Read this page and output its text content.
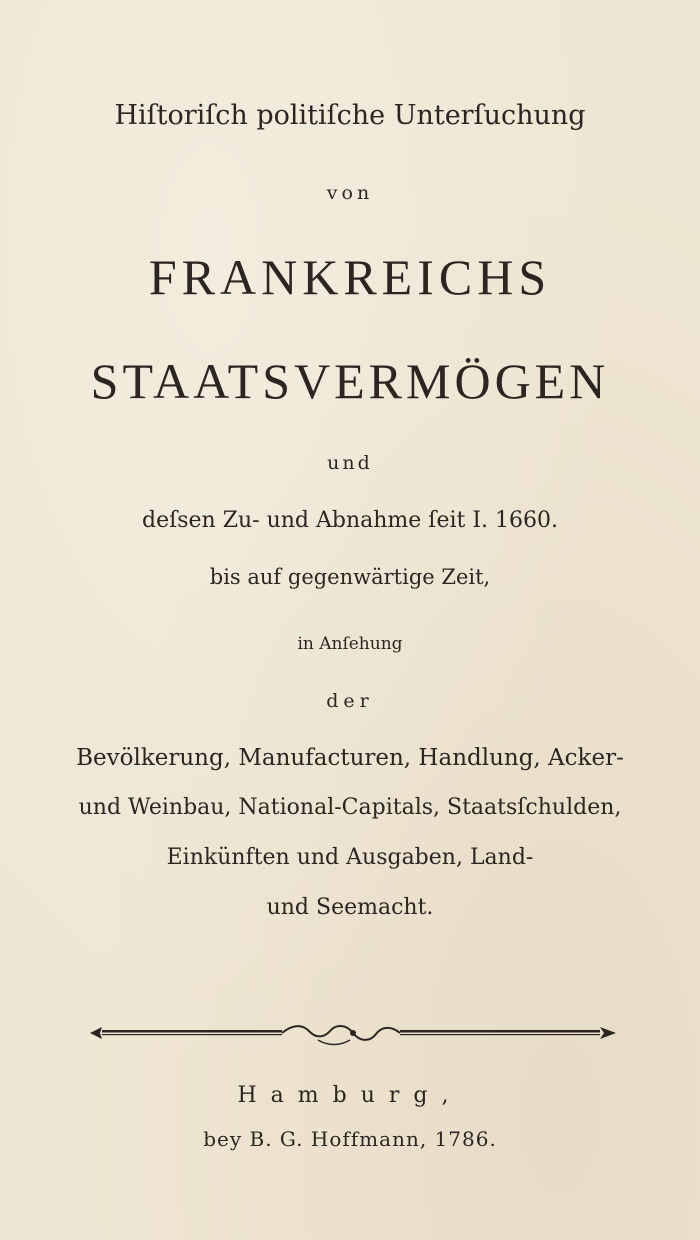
Hiſtoriſch politiſche Unterſuchung
von
FRANKREICHS
STAATSVERMÖGEN
und
deſsen Zu- und Abnahme ſeit I. 1660.
bis auf gegenwärtige Zeit,
in Anſehung
der
Bevölkerung, Manufacturen, Handlung, Acker-
und Weinbau, National-Capitals, Staatsſchulden,
Einkünften und Ausgaben, Land-
und Seemacht.
Hamburg,
bey B. G. Hoffmann, 1786.
